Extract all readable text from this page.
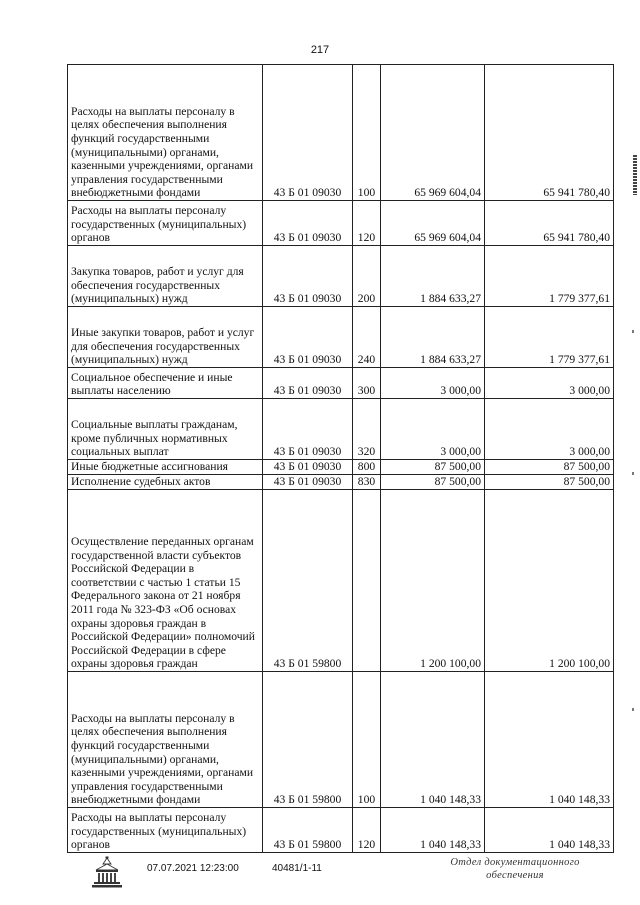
217
Расходы на выплаты персоналу в целях обеспечения выполнения функций государственными (муниципальными) органами, казенными учреждениями, органами управления государственными внебюджетными фондами	43 Б 01 09030	100	65 969 604,04	65 941 780,40

Расходы на выплаты персоналу государственных (муниципальных) органов	43 Б 01 09030	120	65 969 604,04	65 941 780,40

Закупка товаров, работ и услуг для обеспечения государственных (муниципальных) нужд	43 Б 01 09030	200	1 884 633,27	1 779 377,61

Иные закупки товаров, работ и услуг для обеспечения государственных (муниципальных) нужд	43 Б 01 09030	240	1 884 633,27	1 779 377,61

Социальное обеспечение и иные выплаты населению	43 Б 01 09030	300	3 000,00	3 000,00

Социальные выплаты гражданам, кроме публичных нормативных социальных выплат	43 Б 01 09030	320	3 000,00	3 000,00

Иные бюджетные ассигнования	43 Б 01 09030	800	87 500,00	87 500,00

Исполнение судебных актов	43 Б 01 09030	830	87 500,00	87 500,00

Осуществление переданных органам государственной власти субъектов Российской Федерации в соответствии с частью 1 статьи 15 Федерального закона от 21 ноября 2011 года № 323-ФЗ «Об основах охраны здоровья граждан в Российской Федерации» полномочий Российской Федерации в сфере охраны здоровья граждан	43 Б 01 59800		1 200 100,00	1 200 100,00

Расходы на выплаты персоналу в целях обеспечения выполнения функций государственными (муниципальными) органами, казенными учреждениями, органами управления государственными внебюджетными фондами	43 Б 01 59800	100	1 040 148,33	1 040 148,33

Расходы на выплаты персоналу государственных (муниципальных) органов	43 Б 01 59800	120	1 040 148,33	1 040 148,33
07.07.2021 12:23:00	40481/1-11
Отдел документационного
обеспечения
